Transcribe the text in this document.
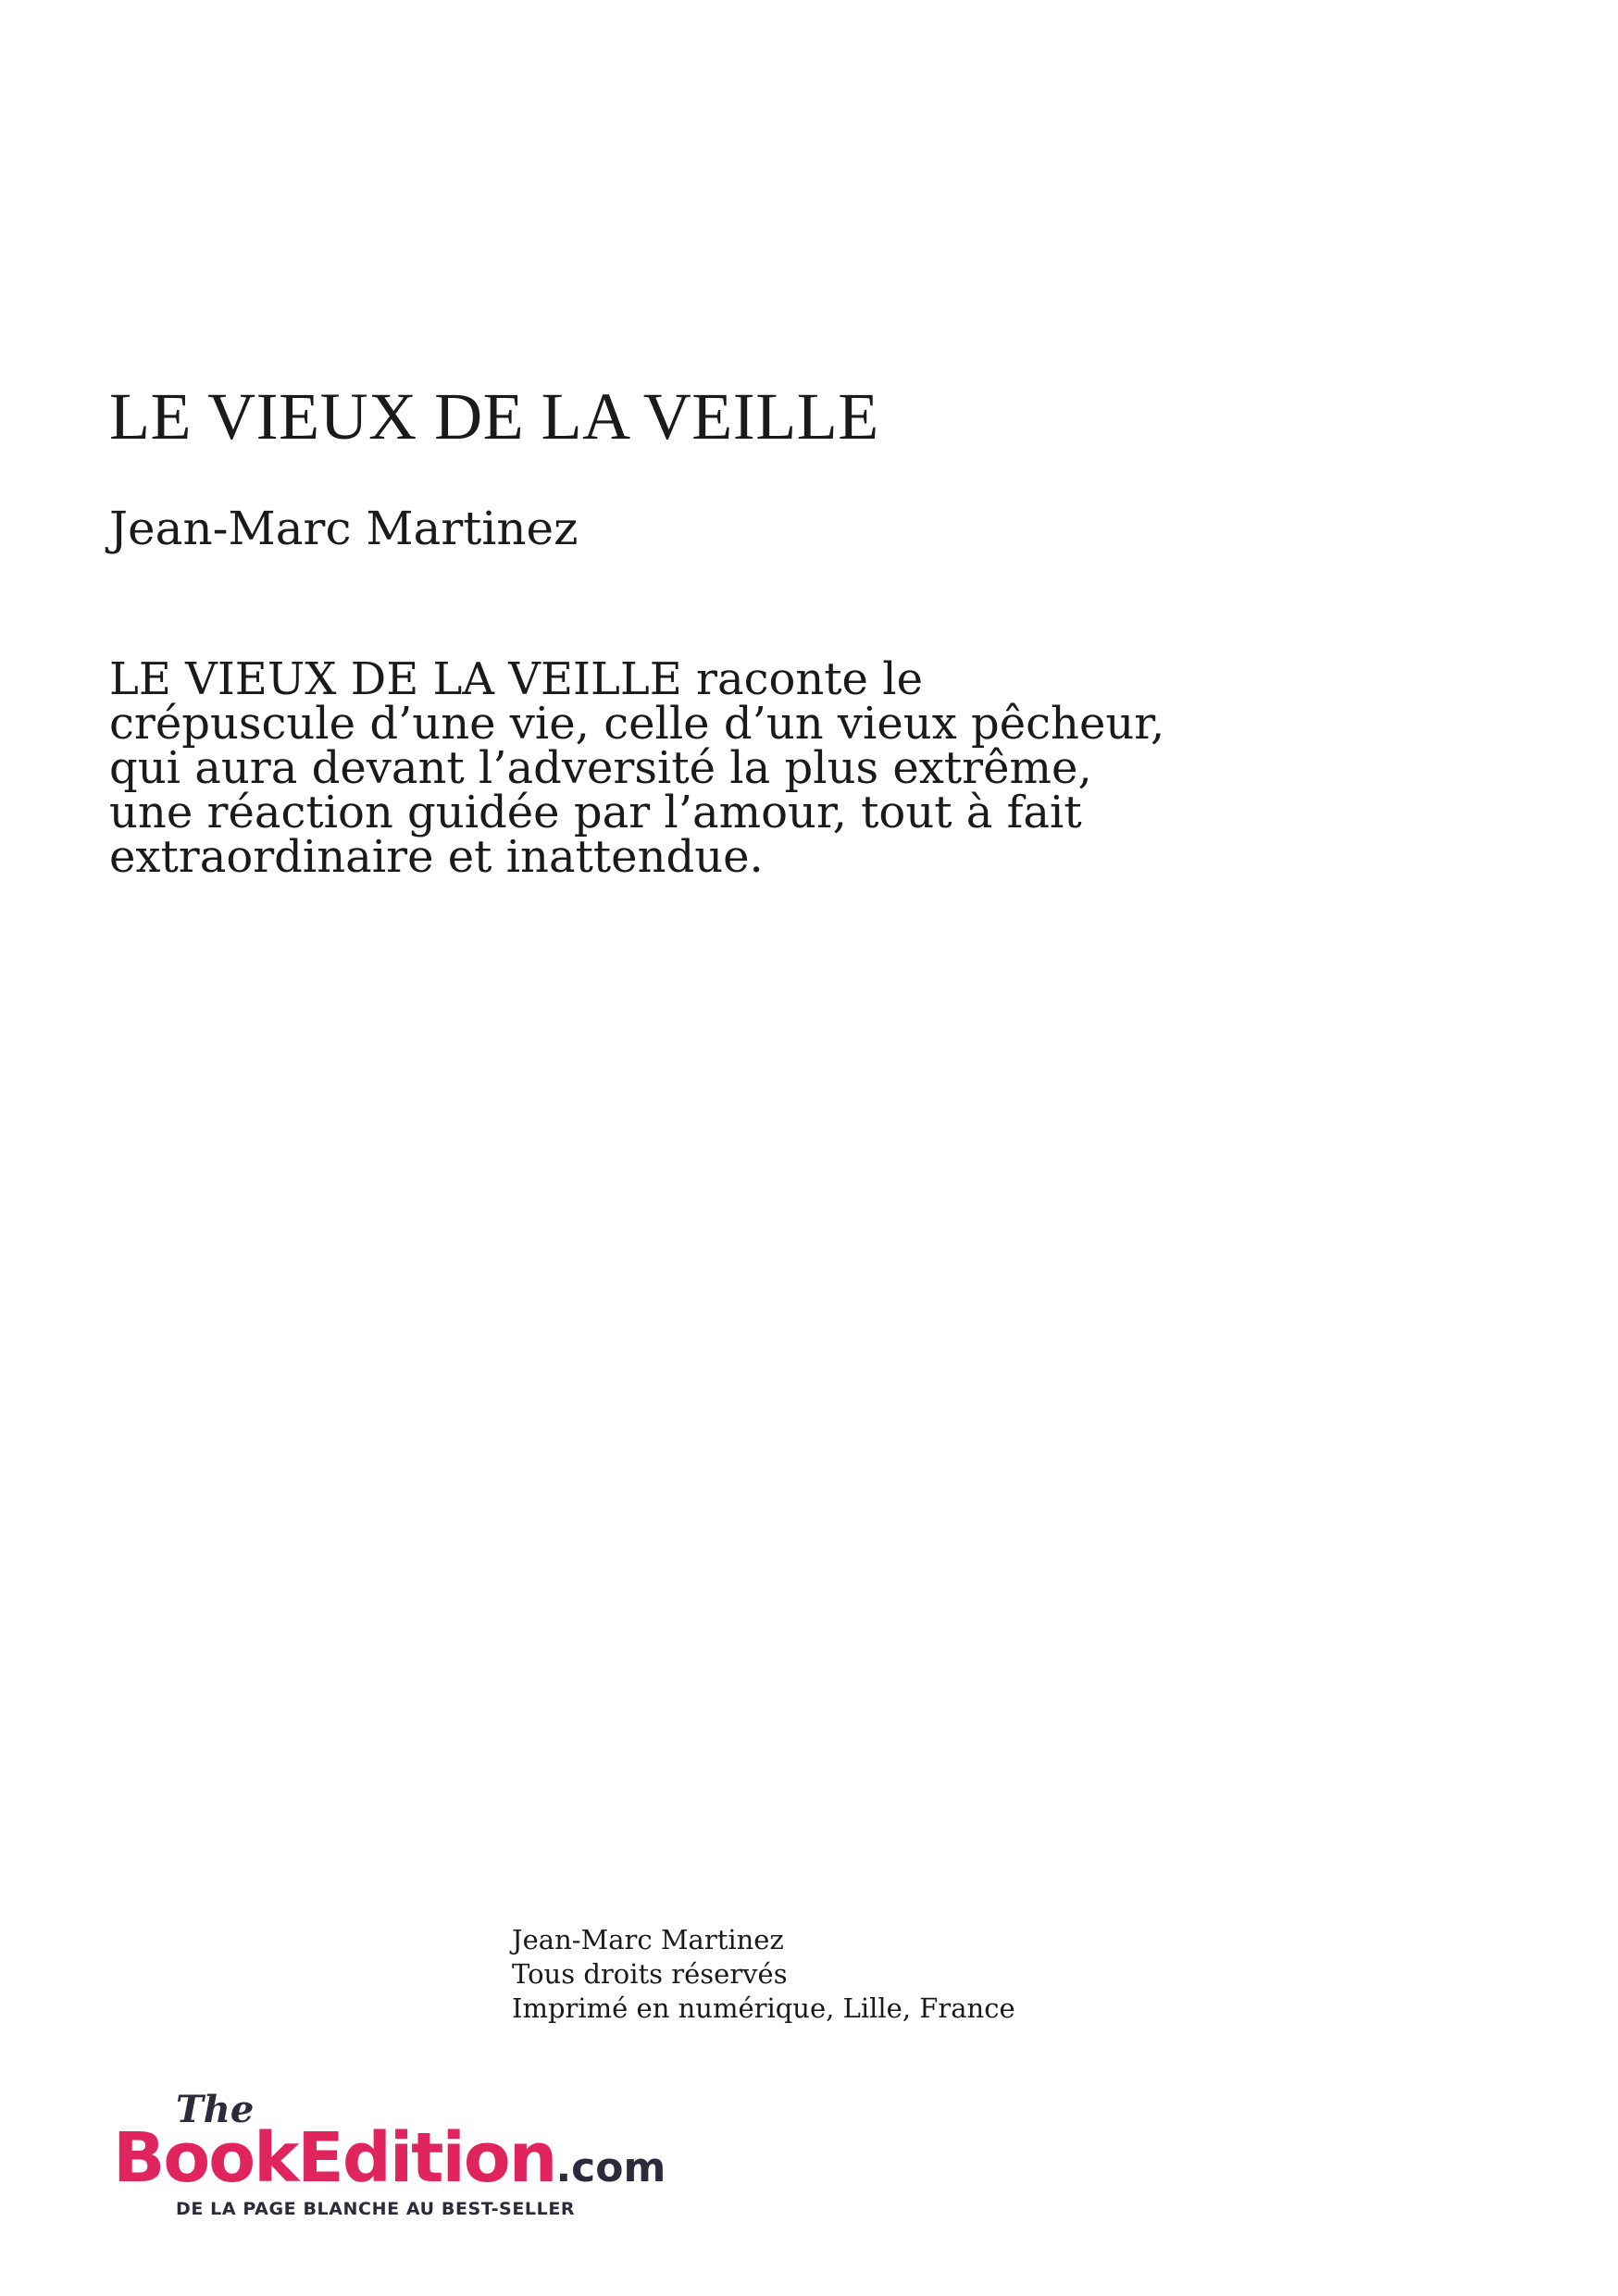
LE VIEUX DE LA VEILLE
Jean-Marc Martinez

LE VIEUX DE LA VEILLE raconte le
crépuscule d’une vie, celle d’un vieux pêcheur,
qui aura devant l’adversité la plus extrême,
une réaction guidée par l’amour, tout à fait
extraordinaire et inattendue.

Jean-Marc Martinez
Tous droits réservés
Imprimé en numérique, Lille, France

The
BookEdition.com
DE LA PAGE BLANCHE AU BEST-SELLER
